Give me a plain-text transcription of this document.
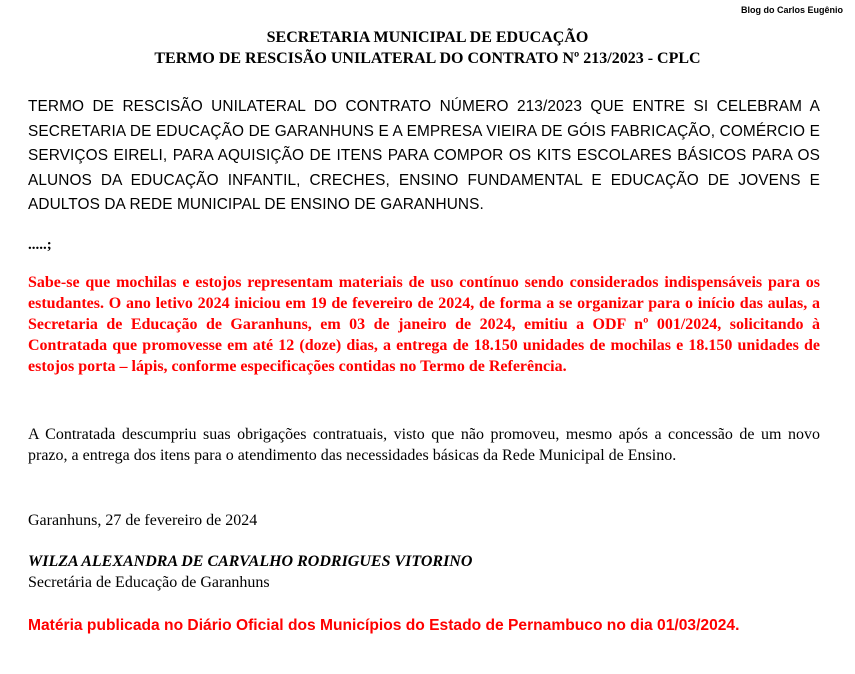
Blog do Carlos Eugênio
SECRETARIA MUNICIPAL DE EDUCAÇÃO
TERMO DE RESCISÃO UNILATERAL DO CONTRATO Nº 213/2023 - CPLC

TERMO DE RESCISÃO UNILATERAL DO CONTRATO NÚMERO 213/2023 QUE ENTRE SI CELEBRAM A SECRETARIA DE EDUCAÇÃO DE GARANHUNS E A EMPRESA VIEIRA DE GÓIS FABRICAÇÃO, COMÉRCIO E SERVIÇOS EIRELI, PARA AQUISIÇÃO DE ITENS PARA COMPOR OS KITS ESCOLARES BÁSICOS PARA OS ALUNOS DA EDUCAÇÃO INFANTIL, CRECHES, ENSINO FUNDAMENTAL E EDUCAÇÃO DE JOVENS E ADULTOS DA REDE MUNICIPAL DE ENSINO DE GARANHUNS.

.....;

Sabe-se que mochilas e estojos representam materiais de uso contínuo sendo considerados indispensáveis para os estudantes. O ano letivo 2024 iniciou em 19 de fevereiro de 2024, de forma a se organizar para o início das aulas, a Secretaria de Educação de Garanhuns, em 03 de janeiro de 2024, emitiu a ODF nº 001/2024, solicitando à Contratada que promovesse em até 12 (doze) dias, a entrega de 18.150 unidades de mochilas e 18.150 unidades de estojos porta – lápis, conforme especificações contidas no Termo de Referência.

A Contratada descumpriu suas obrigações contratuais, visto que não promoveu, mesmo após a concessão de um novo prazo, a entrega dos itens para o atendimento das necessidades básicas da Rede Municipal de Ensino.

Garanhuns, 27 de fevereiro de 2024

WILZA ALEXANDRA DE CARVALHO RODRIGUES VITORINO

Secretária de Educação de Garanhuns

Matéria publicada no Diário Oficial dos Municípios do Estado de Pernambuco no dia 01/03/2024.
